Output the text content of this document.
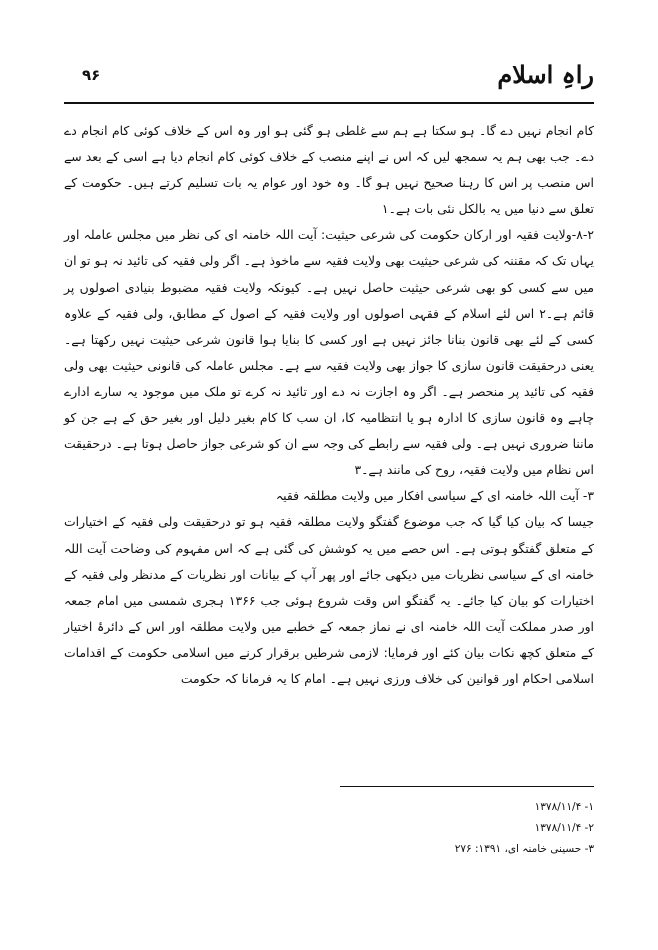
راہِ اسلام
۹۶

کام انجام نہیں دے گا۔ ہو سکتا ہے ہم سے غلطی ہو گئی ہو اور وہ اس کے خلاف کوئی کام انجام دے دے۔ جب بھی ہم یہ سمجھ لیں کہ اس نے اپنے منصب کے خلاف کوئی کام انجام دیا ہے اسی کے بعد سے اس منصب پر اس کا رہنا صحیح نہیں ہو گا۔ وہ خود اور عوام یہ بات تسلیم کرتے ہیں۔ حکومت کے تعلق سے دنیا میں یہ بالکل نئی بات ہے۔۱

۸-۲-ولایت فقیہ اور ارکان حکومت کی شرعی حیثیت: آیت اللہ خامنہ ای کی نظر میں مجلس عاملہ اور یہاں تک کہ مقننہ کی شرعی حیثیت بھی ولایت فقیہ سے ماخوذ ہے۔ اگر ولی فقیہ کی تائید نہ ہو تو ان میں سے کسی کو بھی شرعی حیثیت حاصل نہیں ہے۔ کیونکہ ولایت فقیہ مضبوط بنیادی اصولوں پر قائم ہے۔۲ اس لئے اسلام کے فقہی اصولوں اور ولایت فقیہ کے اصول کے مطابق، ولی فقیہ کے علاوہ کسی کے لئے بھی قانون بنانا جائز نہیں ہے اور کسی کا بنایا ہوا قانون شرعی حیثیت نہیں رکھتا ہے۔ یعنی درحقیقت قانون سازی کا جواز بھی ولایت فقیہ سے ہے۔ مجلس عاملہ کی قانونی حیثیت بھی ولی فقیہ کی تائید پر منحصر ہے۔ اگر وہ اجازت نہ دے اور تائید نہ کرے تو ملک میں موجود یہ سارے ادارے چاہے وہ قانون سازی کا ادارہ ہو یا انتظامیہ کا، ان سب کا کام بغیر دلیل اور بغیر حق کے ہے جن کو ماننا ضروری نہیں ہے۔ ولی فقیہ سے رابطے کی وجہ سے ان کو شرعی جواز حاصل ہوتا ہے۔ درحقیقت اس نظام میں ولایت فقیہ، روح کی مانند ہے۔۳

۳- آیت اللہ خامنہ ای کے سیاسی افکار میں ولایت مطلقہ فقیہ

جیسا کہ بیان کیا گیا کہ جب موضوع گفتگو ولایت مطلقہ فقیہ ہو تو درحقیقت ولی فقیہ کے اختیارات کے متعلق گفتگو ہوتی ہے۔ اس حصے میں یہ کوشش کی گئی ہے کہ اس مفہوم کی وضاحت آیت اللہ خامنہ ای کے سیاسی نظریات میں دیکھی جائے اور پھر آپ کے بیانات اور نظریات کے مدنظر ولی فقیہ کے اختیارات کو بیان کیا جائے۔ یہ گفتگو اس وقت شروع ہوئی جب ۱۳۶۶ ہجری شمسی میں امام جمعہ اور صدر مملکت آیت اللہ خامنہ ای نے نماز جمعہ کے خطبے میں ولایت مطلقہ اور اس کے دائرۂ اختیار کے متعلق کچھ نکات بیان کئے اور فرمایا: لازمی شرطیں برقرار کرنے میں اسلامی حکومت کے اقدامات اسلامی احکام اور قوانین کی خلاف ورزی نہیں ہے۔ امام کا یہ فرمانا کہ حکومت

۱- ۱۳۷۸/۱۱/۴
۲- ۱۳۷۸/۱۱/۴
۳- حسینی خامنہ ای، ۱۳۹۱: ۲۷۶
